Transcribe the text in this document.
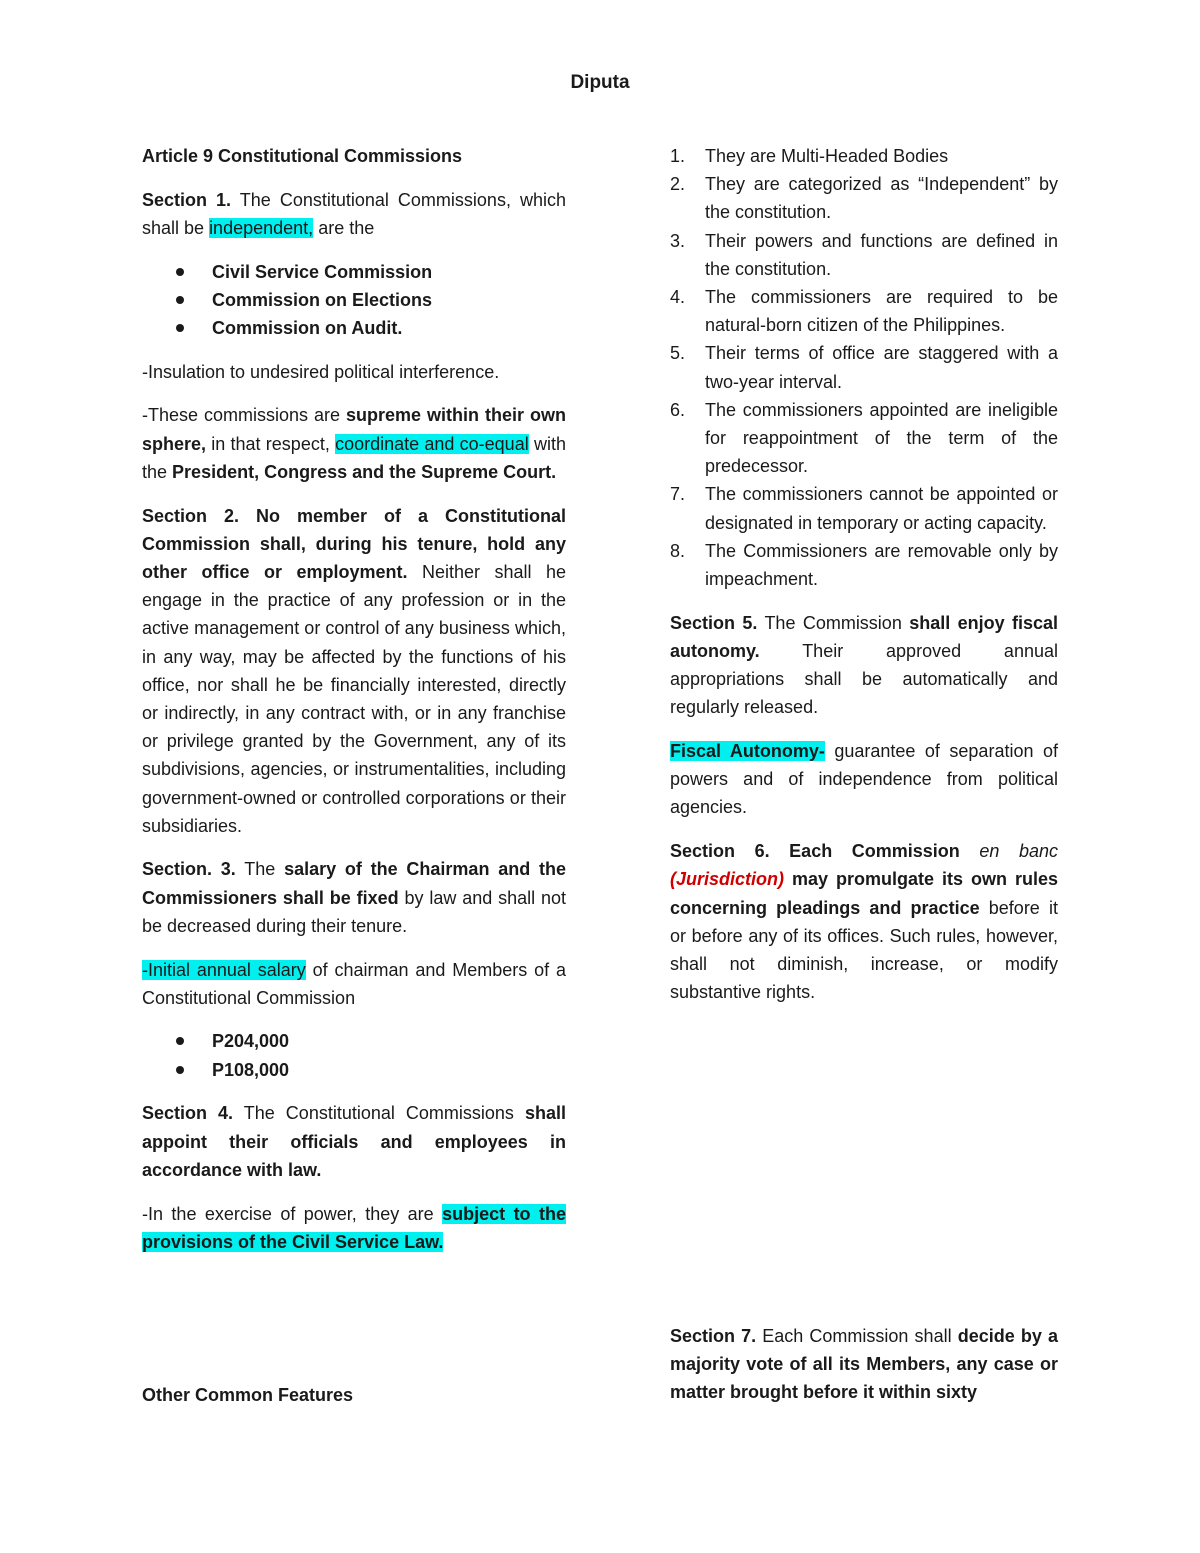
Diputa
Article 9 Constitutional Commissions

Section 1. The Constitutional Commissions, which shall be independent, are the

Civil Service Commission
Commission on Elections
Commission on Audit.

-Insulation to undesired political interference.

-These commissions are supreme within their own sphere, in that respect, coordinate and co-equal with the President, Congress and the Supreme Court.

Section 2. No member of a Constitutional Commission shall, during his tenure, hold any other office or employment. Neither shall he engage in the practice of any profession or in the active management or control of any business which, in any way, may be affected by the functions of his office, nor shall he be financially interested, directly or indirectly, in any contract with, or in any franchise or privilege granted by the Government, any of its subdivisions, agencies, or instrumentalities, including government-owned or controlled corporations or their subsidiaries.

Section. 3. The salary of the Chairman and the Commissioners shall be fixed by law and shall not be decreased during their tenure.

-Initial annual salary of chairman and Members of a Constitutional Commission

P204,000
P108,000

Section 4. The Constitutional Commissions shall appoint their officials and employees in accordance with law.

-In the exercise of power, they are subject to the provisions of the Civil Service Law.

Other Common Features
1. They are Multi-Headed Bodies
2. They are categorized as “Independent” by the constitution.
3. Their powers and functions are defined in the constitution.
4. The commissioners are required to be natural-born citizen of the Philippines.
5. Their terms of office are staggered with a two-year interval.
6. The commissioners appointed are ineligible for reappointment of the term of the predecessor.
7. The commissioners cannot be appointed or designated in temporary or acting capacity.
8. The Commissioners are removable only by impeachment.

Section 5. The Commission shall enjoy fiscal autonomy. Their approved annual appropriations shall be automatically and regularly released.

Fiscal Autonomy- guarantee of separation of powers and of independence from political agencies.

Section 6. Each Commission en banc (Jurisdiction) may promulgate its own rules concerning pleadings and practice before it or before any of its offices. Such rules, however, shall not diminish, increase, or modify substantive rights.

Section 7. Each Commission shall decide by a majority vote of all its Members, any case or matter brought before it within sixty
